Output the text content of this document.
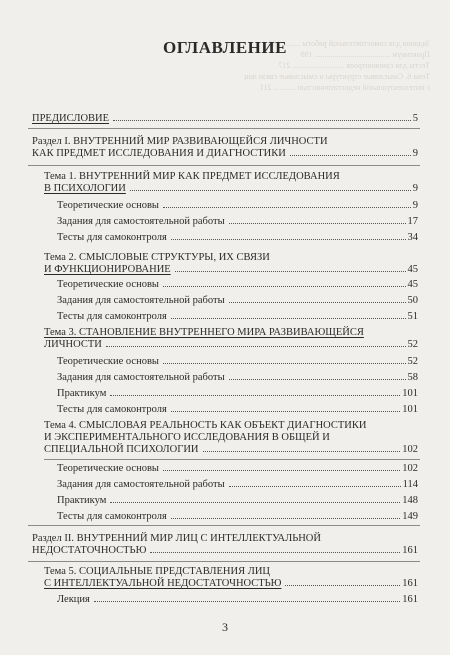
Задания для самостоятельной работы ......... 199
Практикум ...................................... 199
Тесты для самоконтроля .......................... 217
Тема 6. Смысловые структуры и смысловые связи лиц
с интеллектуальной недостаточностью ........... 211
ОГЛАВЛЕНИЕ
ПРЕДИСЛОВИЕ	5
Раздел I. ВНУТРЕННИЙ МИР РАЗВИВАЮЩЕЙСЯ ЛИЧНОСТИ
КАК ПРЕДМЕТ ИССЛЕДОВАНИЯ И ДИАГНОСТИКИ	9
Тема 1. ВНУТРЕННИЙ МИР КАК ПРЕДМЕТ ИССЛЕДОВАНИЯ
В ПСИХОЛОГИИ	9
Теоретические основы	9
Задания для самостоятельной работы	17
Тесты для самоконтроля	34
Тема 2. СМЫСЛОВЫЕ СТРУКТУРЫ, ИХ СВЯЗИ
И ФУНКЦИОНИРОВАНИЕ	45
Теоретические основы	45
Задания для самостоятельной работы	50
Тесты для самоконтроля	51
Тема 3. СТАНОВЛЕНИЕ ВНУТРЕННЕГО МИРА РАЗВИВАЮЩЕЙСЯ
ЛИЧНОСТИ	52
Теоретические основы	52
Задания для самостоятельной работы	58
Практикум	101
Тесты для самоконтроля	101
Тема 4. СМЫСЛОВАЯ РЕАЛЬНОСТЬ КАК ОБЪЕКТ ДИАГНОСТИКИ
И ЭКСПЕРИМЕНТАЛЬНОГО ИССЛЕДОВАНИЯ В ОБЩЕЙ И
СПЕЦИАЛЬНОЙ ПСИХОЛОГИИ	102
Теоретические основы	102
Задания для самостоятельной работы	114
Практикум	148
Тесты для самоконтроля	149
Раздел II. ВНУТРЕННИЙ МИР ЛИЦ С ИНТЕЛЛЕКТУАЛЬНОЙ
НЕДОСТАТОЧНОСТЬЮ	161
Тема 5. СОЦИАЛЬНЫЕ ПРЕДСТАВЛЕНИЯ ЛИЦ
С ИНТЕЛЛЕКТУАЛЬНОЙ НЕДОСТАТОЧНОСТЬЮ	161
Лекция	161
3
